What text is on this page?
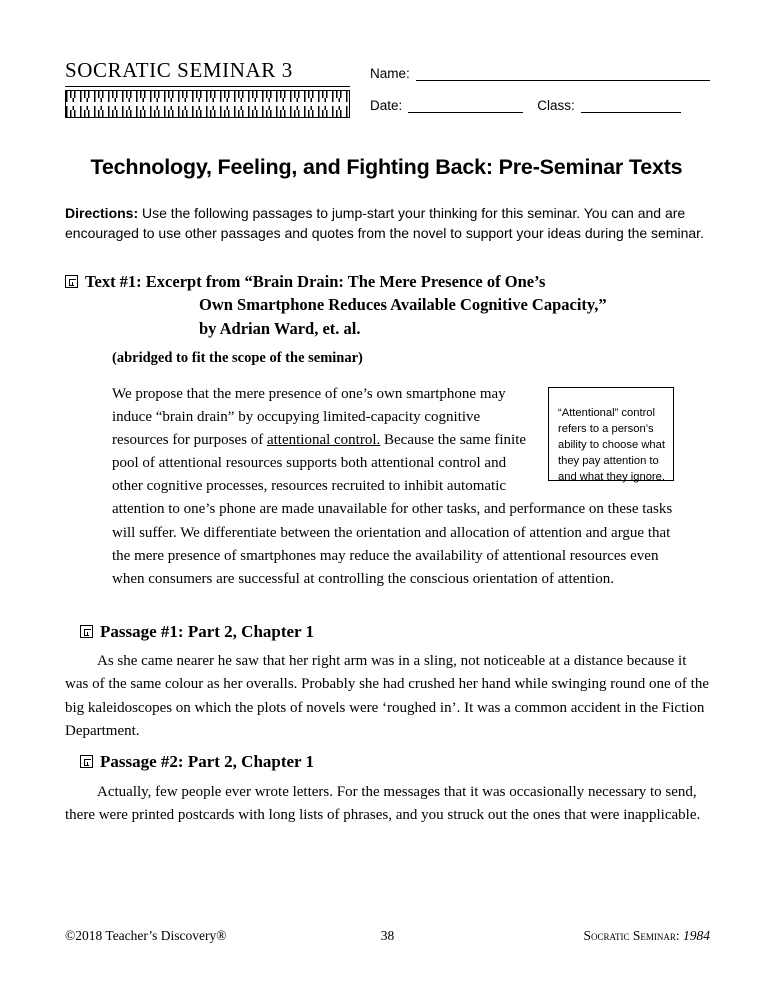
SOCRATIC SEMINAR 3	Name:
Date:	Class:
Technology, Feeling, and Fighting Back: Pre-Seminar Texts
Directions: Use the following passages to jump-start your thinking for this seminar. You can and are encouraged to use other passages and quotes from the novel to support your ideas during the seminar.
Text #1: Excerpt from “Brain Drain: The Mere Presence of One’s
Own Smartphone Reduces Available Cognitive Capacity,”
by Adrian Ward, et. al.
(abridged to fit the scope of the seminar)
We propose that the mere presence of one’s own smartphone may induce “brain drain” by occupying limited-capacity cognitive resources for purposes of attentional control. Because the same finite pool of attentional resources supports both attentional control and other cognitive processes, resources recruited to inhibit automatic attention to one’s phone are made unavailable for other tasks, and performance on these tasks will suffer. We differentiate between the orientation and allocation of attention and argue that the mere presence of smartphones may reduce the availability of attentional resources even when consumers are successful at controlling the conscious orientation of attention.
“Attentional” control refers to a person’s ability to choose what they pay attention to and what they ignore.
Passage #1: Part 2, Chapter 1
As she came nearer he saw that her right arm was in a sling, not noticeable at a distance because it was of the same colour as her overalls. Probably she had crushed her hand while swinging round one of the big kaleidoscopes on which the plots of novels were ‘roughed in’. It was a common accident in the Fiction Department.
Passage #2: Part 2, Chapter 1
Actually, few people ever wrote letters. For the messages that it was occasionally necessary to send, there were printed postcards with long lists of phrases, and you struck out the ones that were inapplicable.
©2018 Teacher’s Discovery®	38	Socratic Seminar: 1984
